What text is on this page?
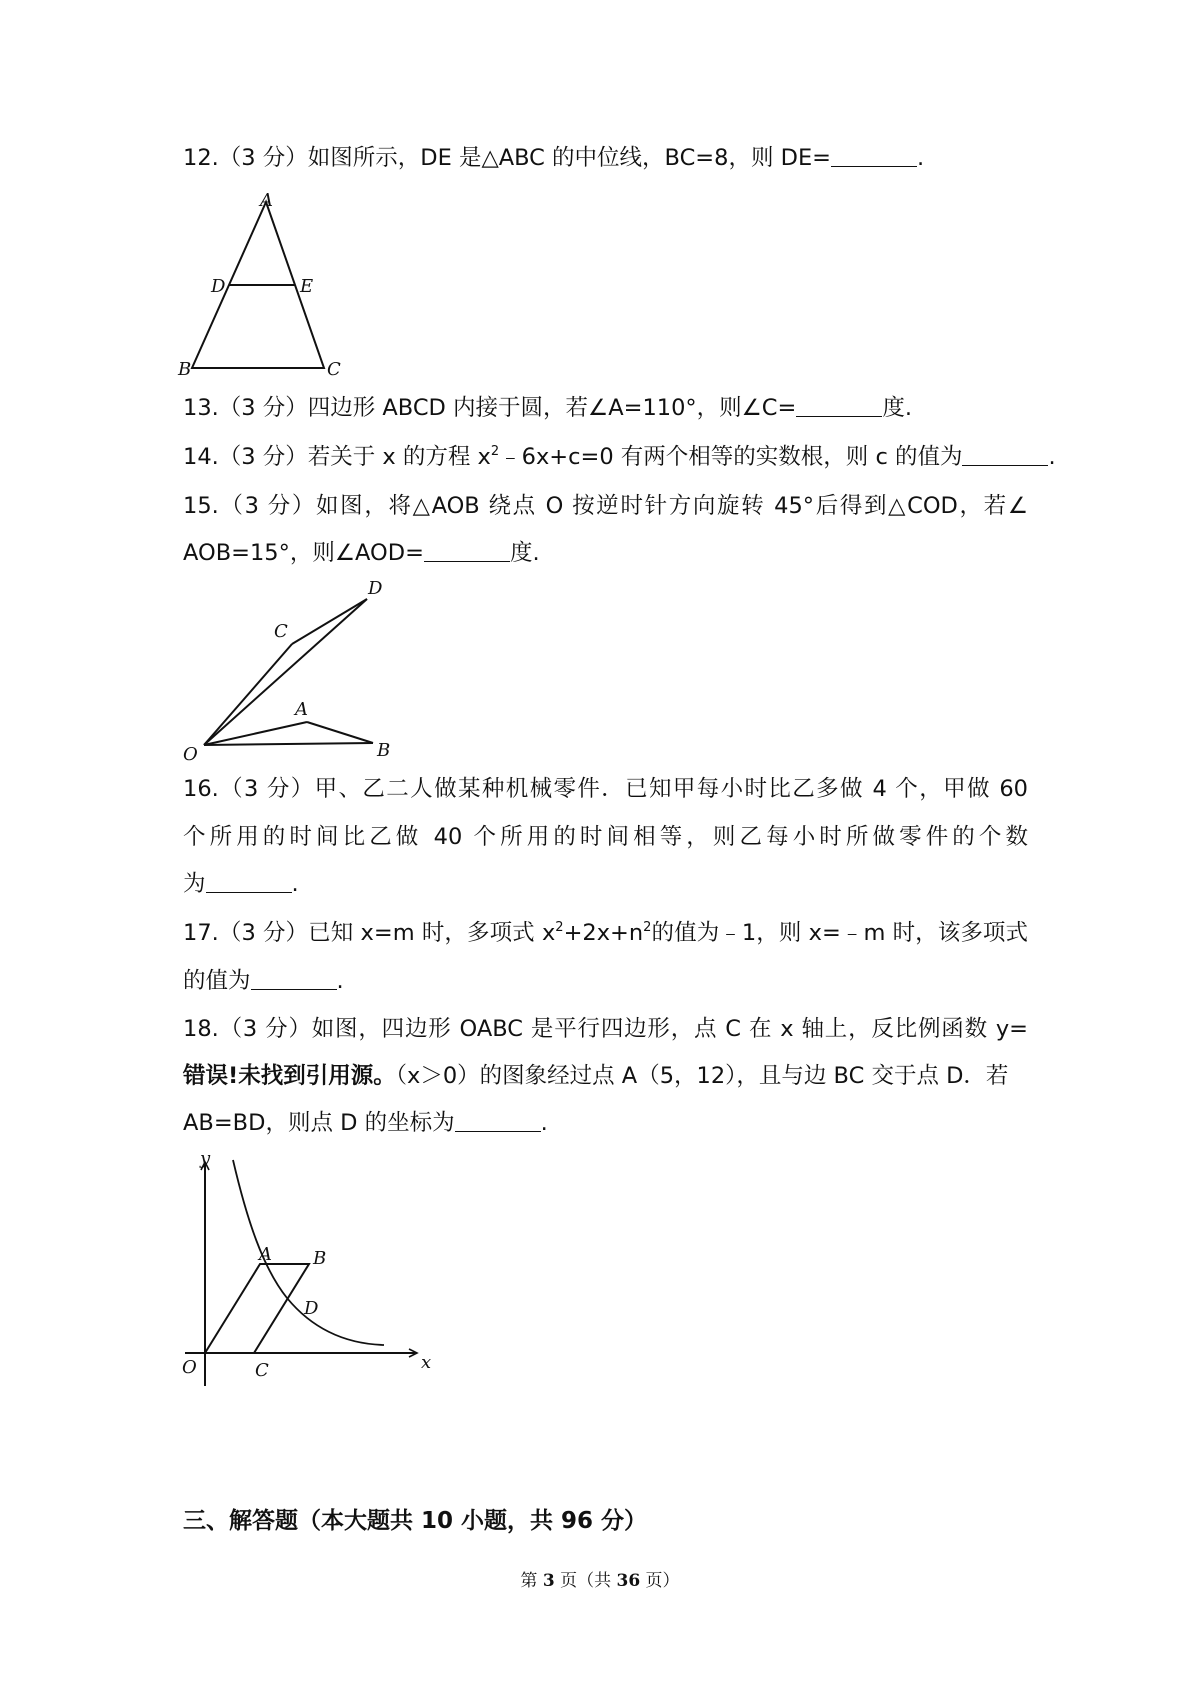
12.（3 分）如图所示，DE 是△ABC 的中位线，BC=8，则 DE=	.
A
D	E
B	C
13.（3 分）四边形 ABCD 内接于圆，若∠A=110°，则∠C=	度.
14.（3 分）若关于 x 的方程 $x^2﹣6x+c=0$ 有两个相等的实数根，则 c 的值为	.
15.（3 分）如图，将△AOB 绕点 O 按逆时针方向旋转 45°后得到△COD，若∠
AOB=15°，则∠AOD=	度.
O
C
A
D
B
16.（3 分）甲、乙二人做某种机械零件．已知甲每小时比乙多做 4 个，甲做 60
个所用的时间比乙做 40 个所用的时间相等，则乙每小时所做零件的个数
为	.
17.（3 分）已知 x=m 时，多项式 $x^2+2x+n^2$的值为﹣1，则 x=﹣m 时，该多项式
的值为	.
18.（3 分）如图，四边形 OABC 是平行四边形，点 C 在 x 轴上，反比例函数 y=
错误!未找到引用源。（x＞0）的图象经过点 A（5，12），且与边 BC 交于点 D．若
AB=BD，则点 D 的坐标为	.
y
x
O	C
A B
D
三、解答题（本大题共 10 小题，共 96 分）
第 3 页（共 36 页）
